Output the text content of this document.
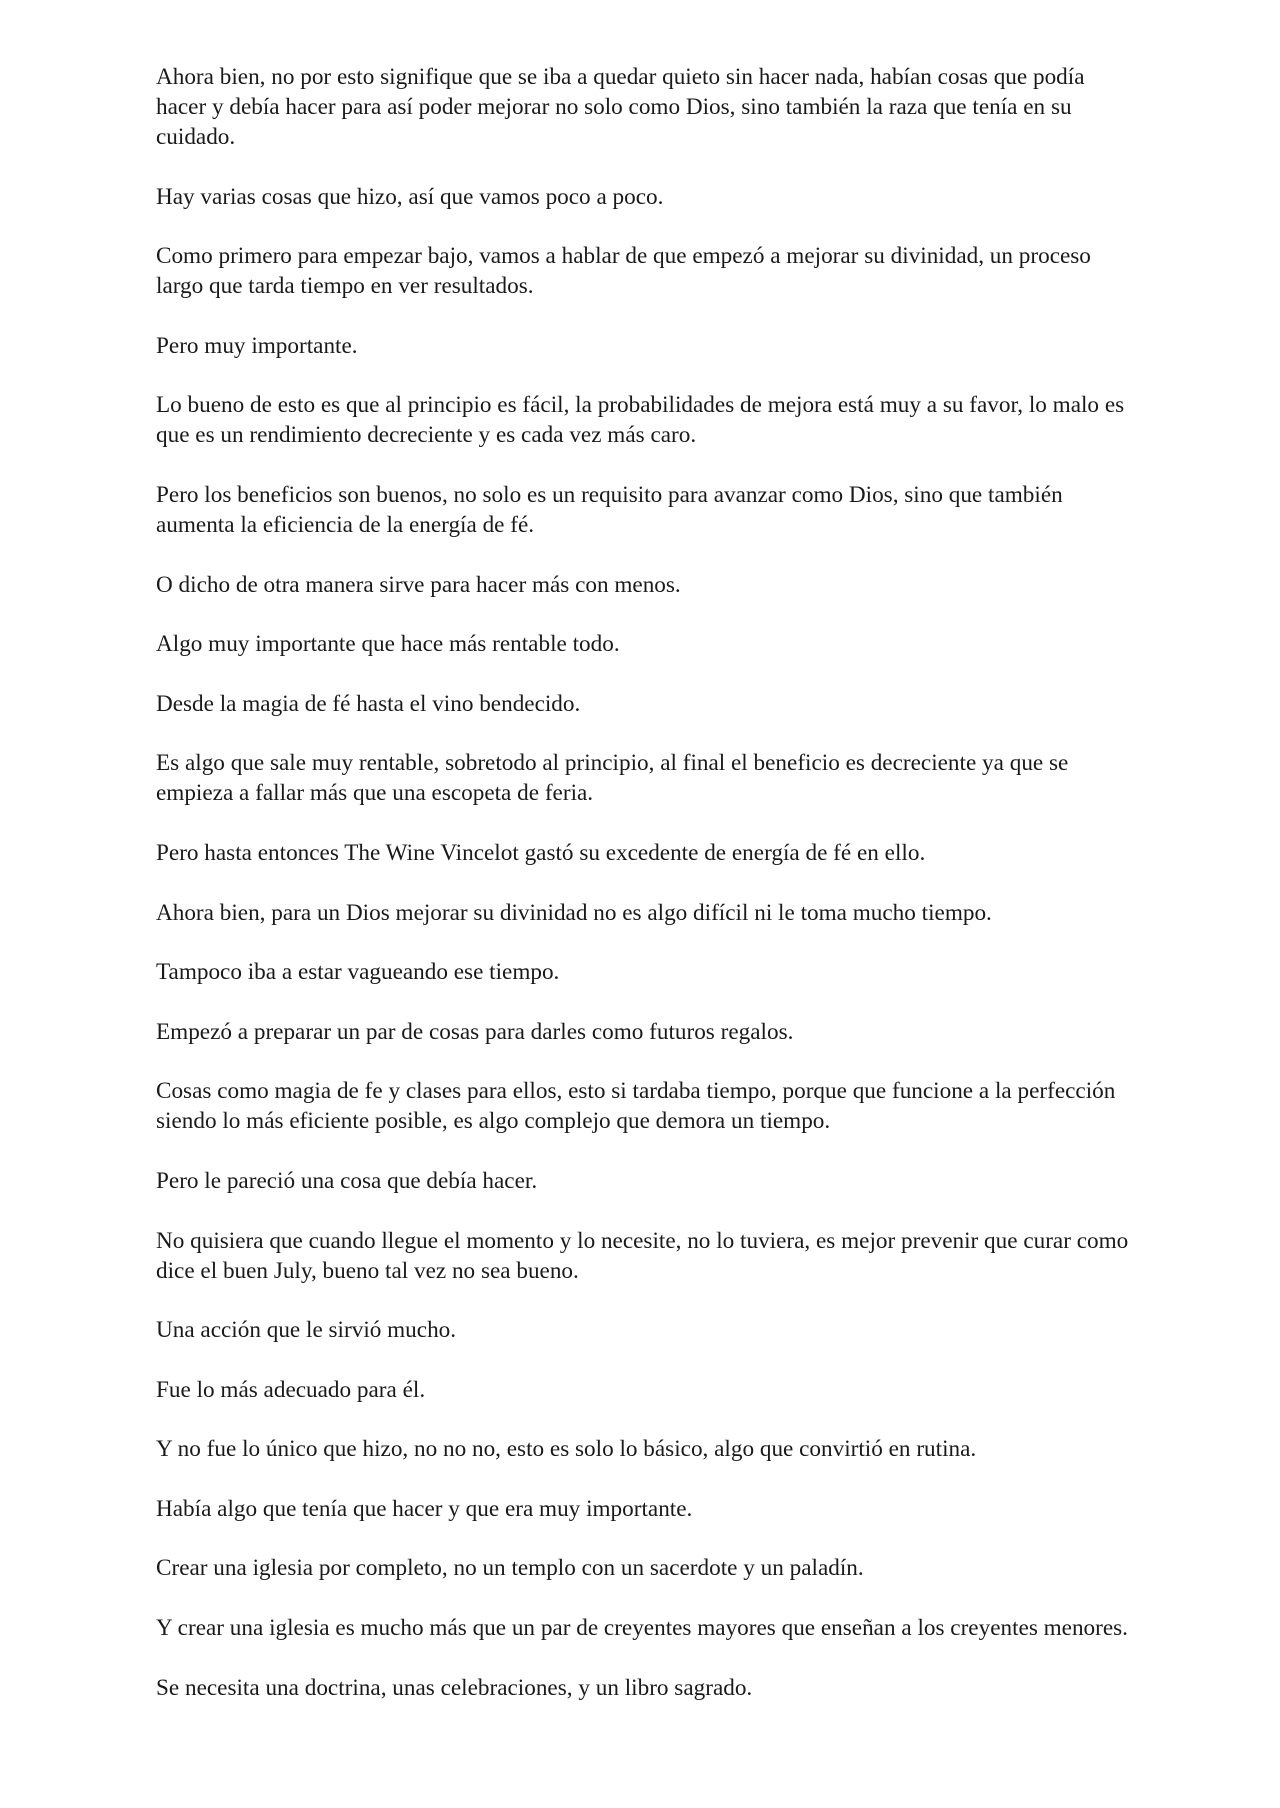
Ahora bien, no por esto signifique que se iba a quedar quieto sin hacer nada, habían cosas que podía hacer y debía hacer para así poder mejorar no solo como Dios, sino también la raza que tenía en su cuidado.

Hay varias cosas que hizo, así que vamos poco a poco.

Como primero para empezar bajo, vamos a hablar de que empezó a mejorar su divinidad, un proceso largo que tarda tiempo en ver resultados.

Pero muy importante.

Lo bueno de esto es que al principio es fácil, la probabilidades de mejora está muy a su favor, lo malo es que es un rendimiento decreciente y es cada vez más caro.

Pero los beneficios son buenos, no solo es un requisito para avanzar como Dios, sino que también aumenta la eficiencia de la energía de fé.

O dicho de otra manera sirve para hacer más con menos.

Algo muy importante que hace más rentable todo.

Desde la magia de fé hasta el vino bendecido.

Es algo que sale muy rentable, sobretodo al principio, al final el beneficio es decreciente ya que se empieza a fallar más que una escopeta de feria.

Pero hasta entonces The Wine Vincelot gastó su excedente de energía de fé en ello.

Ahora bien, para un Dios mejorar su divinidad no es algo difícil ni le toma mucho tiempo.

Tampoco iba a estar vagueando ese tiempo.

Empezó a preparar un par de cosas para darles como futuros regalos.

Cosas como magia de fe y clases para ellos, esto si tardaba tiempo, porque que funcione a la perfección siendo lo más eficiente posible, es algo complejo que demora un tiempo.

Pero le pareció una cosa que debía hacer.

No quisiera que cuando llegue el momento y lo necesite, no lo tuviera, es mejor prevenir que curar como dice el buen July, bueno tal vez no sea bueno.

Una acción que le sirvió mucho.

Fue lo más adecuado para él.

Y no fue lo único que hizo, no no no, esto es solo lo básico, algo que convirtió en rutina.

Había algo que tenía que hacer y que era muy importante.

Crear una iglesia por completo, no un templo con un sacerdote y un paladín.

Y crear una iglesia es mucho más que un par de creyentes mayores que enseñan a los creyentes menores.

Se necesita una doctrina, unas celebraciones, y un libro sagrado.
